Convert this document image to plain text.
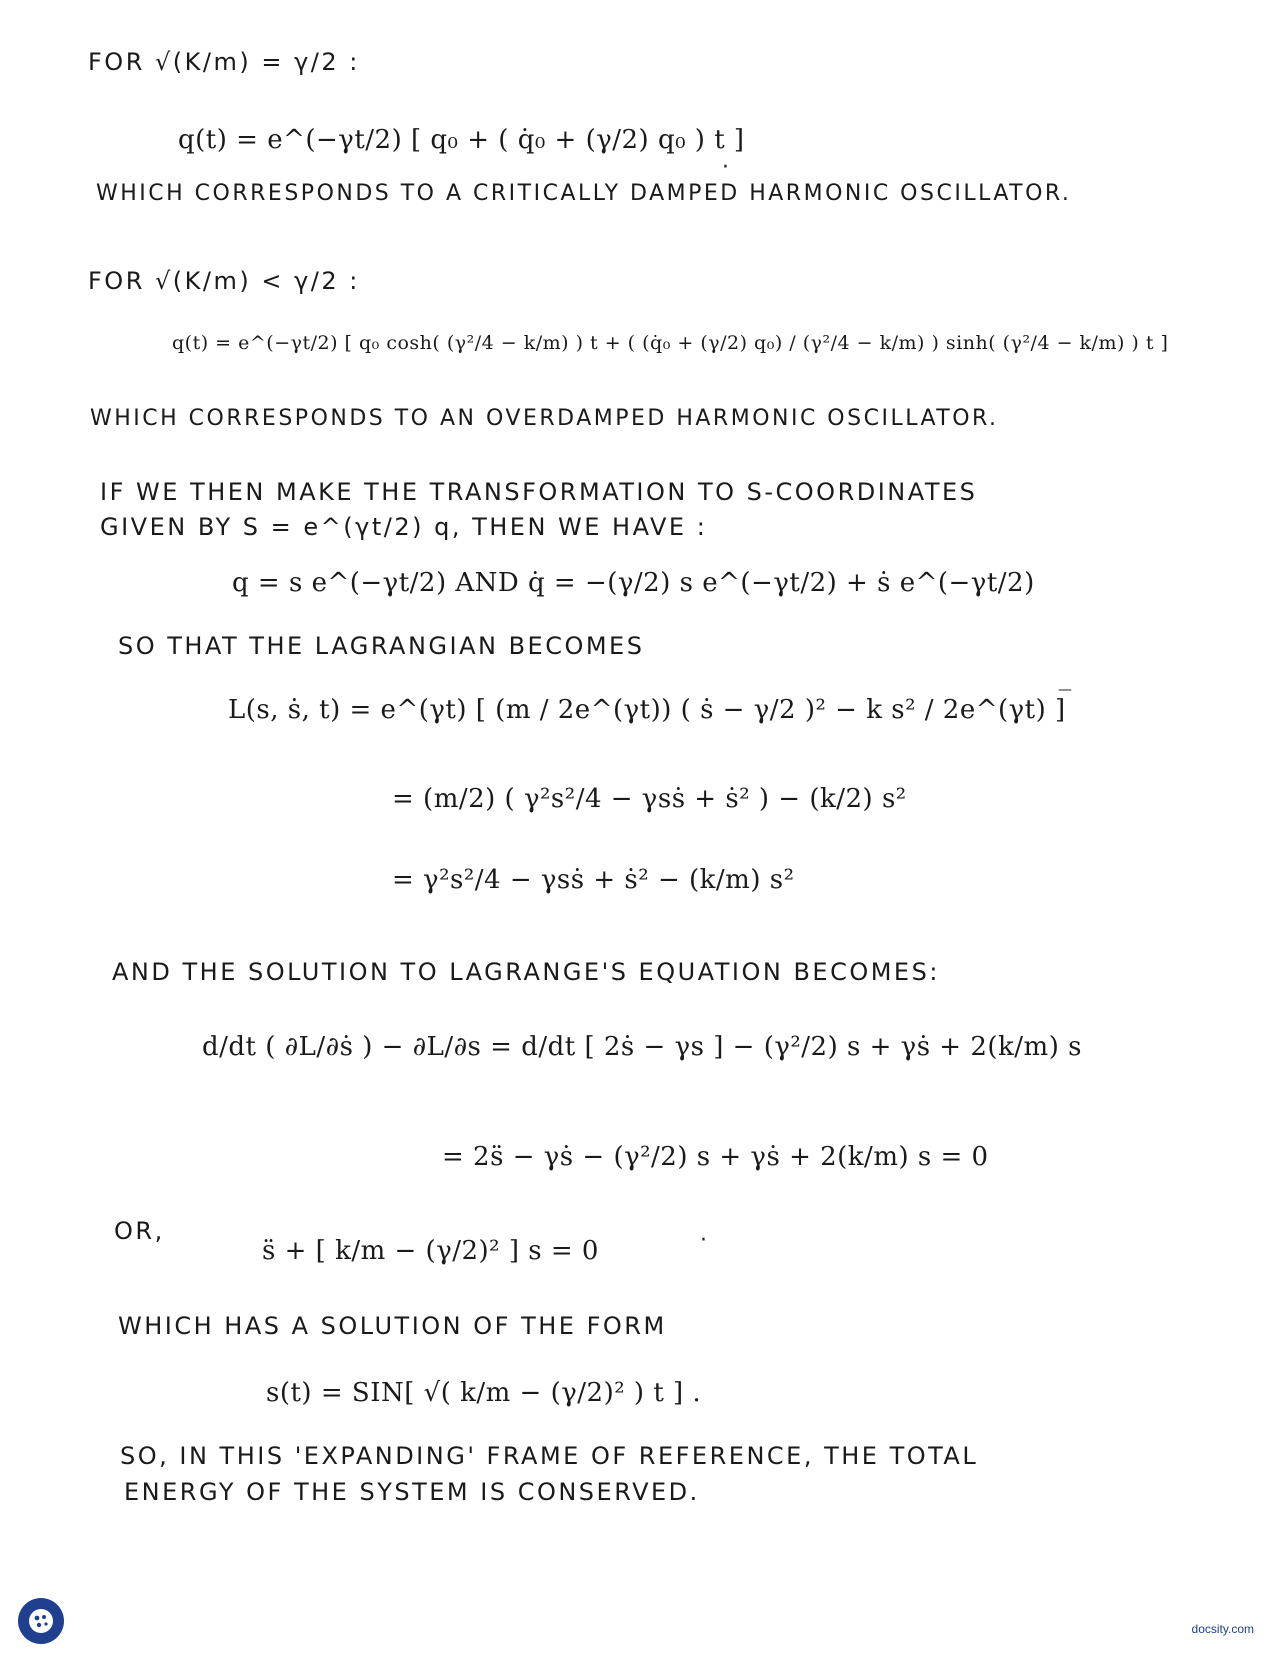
FOR √(K/m) = γ/2 :
q(t) = e^(−γt/2) [ q₀ + ( q̇₀ + (γ/2) q₀ ) t ]
WHICH CORRESPONDS TO A CRITICALLY DAMPED HARMONIC OSCILLATOR.
FOR √(K/m) < γ/2 :
q(t) = e^(−γt/2) [ q₀ cosh( (γ²/4 − k/m) ) t + ( (q̇₀ + (γ/2) q₀) / (γ²/4 − k/m) ) sinh( (γ²/4 − k/m) ) t ]
WHICH CORRESPONDS TO AN OVERDAMPED HARMONIC OSCILLATOR.
IF WE THEN MAKE THE TRANSFORMATION TO S-COORDINATES
GIVEN BY S = e^(γt/2) q, THEN WE HAVE :
q = s e^(−γt/2) AND q̇ = −(γ/2) s e^(−γt/2) + ṡ e^(−γt/2)
SO THAT THE LAGRANGIAN BECOMES
L(s, ṡ, t) = e^(γt) [ (m / 2e^(γt)) ( ṡ − γ/2 )² − k s² / 2e^(γt) ]
= (m/2) ( γ²s²/4 − γsṡ + ṡ² ) − (k/2) s²
= γ²s²/4 − γsṡ + ṡ² − (k/m) s²
AND THE SOLUTION TO LAGRANGE'S EQUATION BECOMES:
d/dt ( ∂L/∂ṡ ) − ∂L/∂s = d/dt [ 2ṡ − γs ] − (γ²/2) s + γṡ + 2(k/m) s
= 2s̈ − γṡ − (γ²/2) s + γṡ + 2(k/m) s = 0
OR,
s̈ + [ k/m − (γ/2)² ] s = 0
WHICH HAS A SOLUTION OF THE FORM
s(t) = SIN[ √( k/m − (γ/2)² ) t ] .
SO, IN THIS 'EXPANDING' FRAME OF REFERENCE, THE TOTAL
ENERGY OF THE SYSTEM IS CONSERVED.
·
·
—
docsity.com
